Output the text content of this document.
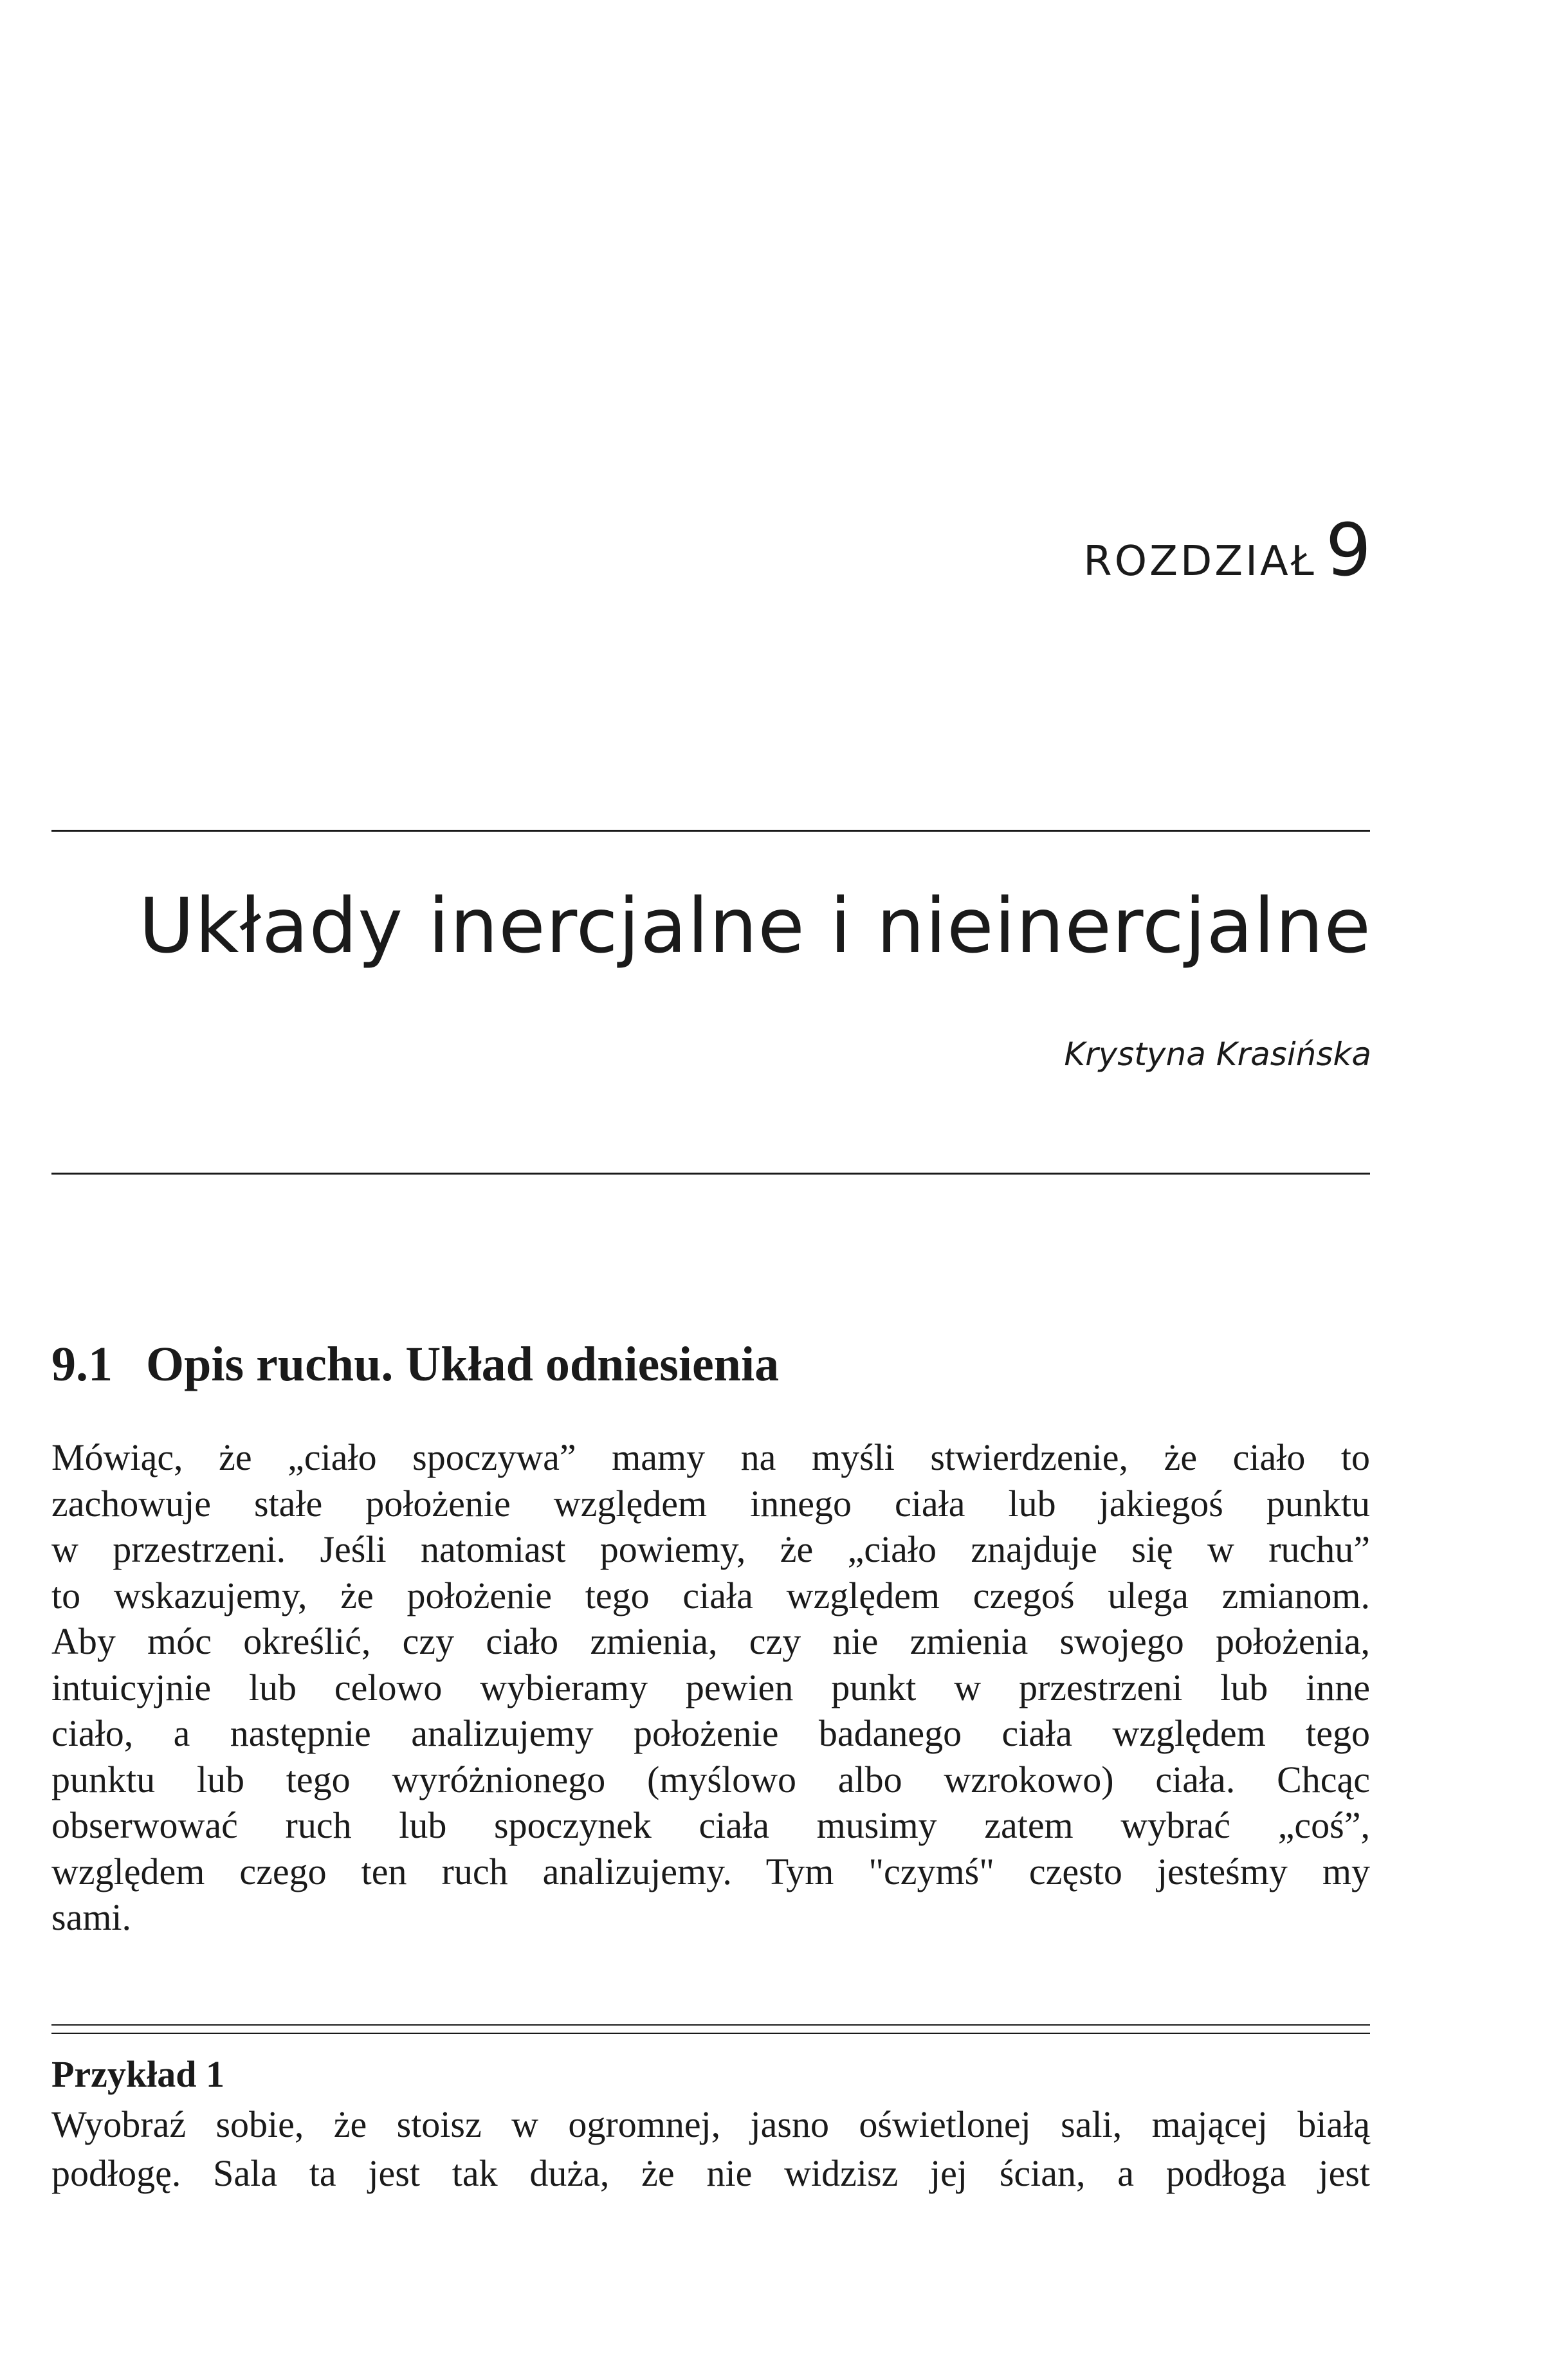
ROZDZIAŁ 9
Układy inercjalne i nieinercjalne

Krystyna Krasińska

9.1 Opis ruchu. Układ odniesienia
Mówiąc, że „ciało spoczywa” mamy na myśli stwierdzenie, że ciało to
zachowuje stałe położenie względem innego ciała lub jakiegoś punktu
w przestrzeni. Jeśli natomiast powiemy, że „ciało znajduje się w ruchu”
to wskazujemy, że położenie tego ciała względem czegoś ulega zmianom.
Aby móc określić, czy ciało zmienia, czy nie zmienia swojego położenia,
intuicyjnie lub celowo wybieramy pewien punkt w przestrzeni lub inne
ciało, a następnie analizujemy położenie badanego ciała względem tego
punktu lub tego wyróżnionego (myślowo albo wzrokowo) ciała. Chcąc
obserwować ruch lub spoczynek ciała musimy zatem wybrać „coś”,
względem czego ten ruch analizujemy. Tym "czymś" często jesteśmy my
sami.

Przykład 1

Wyobraź sobie, że stoisz w ogromnej, jasno oświetlonej sali, mającej białą
podłogę. Sala ta jest tak duża, że nie widzisz jej ścian, a podłoga jest
